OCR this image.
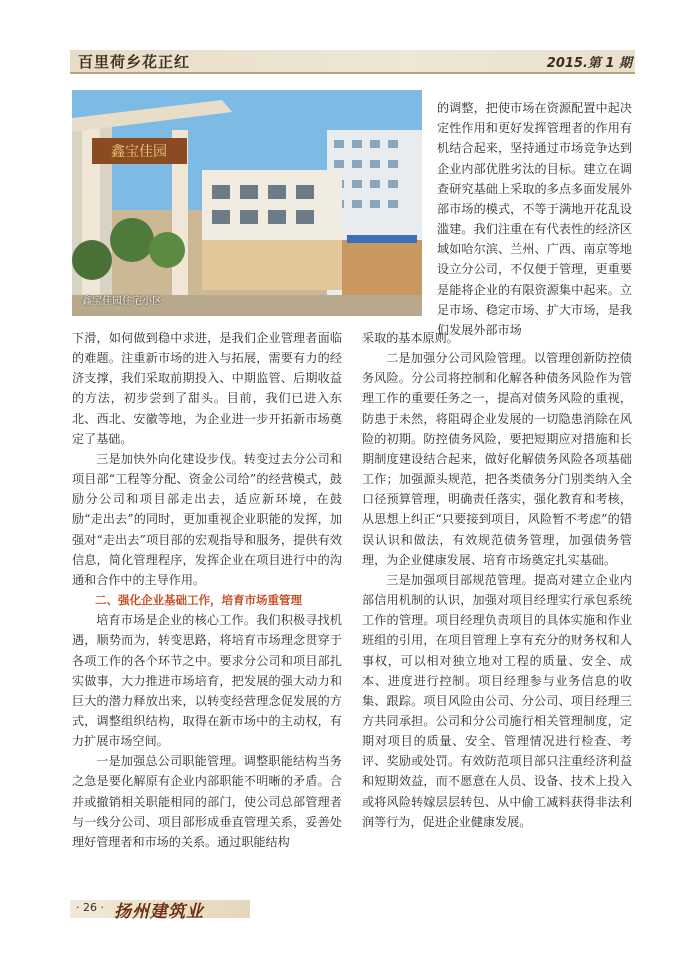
百里荷乡花正红	2015.第 1 期
鑫宝佳园
鑫宝佳园住宅小区

的调整，把使市场在资源配置中起决定性作用和更好发挥管理者的作用有机结合起来，坚持通过市场竞争达到企业内部优胜劣汰的目标。建立在调查研究基础上采取的多点多面发展外部市场的模式，不等于满地开花乱设滥建。我们注重在有代表性的经济区域如哈尔滨、兰州、广西、南京等地设立分公司，不仅便于管理，更重要是能将企业的有限资源集中起来。立足市场、稳定市场、扩大市场，是我们发展外部市场

采取的基本原则。

二是加强分公司风险管理。以管理创新防控债务风险。分公司将控制和化解各种债务风险作为管理工作的重要任务之一，提高对债务风险的重视，防患于未然，将阻碍企业发展的一切隐患消除在风险的初期。防控债务风险，要把短期应对措施和长期制度建设结合起来，做好化解债务风险各项基础工作；加强源头规范，把各类债务分门别类纳入全口径预算管理，明确责任落实，强化教育和考核，从思想上纠正“只要接到项目，风险暂不考虑”的错误认识和做法，有效规范债务管理，加强债务管理，为企业健康发展、培育市场奠定扎实基础。

三是加强项目部规范管理。提高对建立企业内部信用机制的认识，加强对项目经理实行承包系统工作的管理。项目经理负责项目的具体实施和作业班组的引用，在项目管理上享有充分的财务权和人事权，可以相对独立地对工程的质量、安全、成本、进度进行控制。项目经理参与业务信息的收集、跟踪。项目风险由公司、分公司、项目经理三方共同承担。公司和分公司施行相关管理制度，定期对项目的质量、安全、管理情况进行检查、考评、奖励或处罚。有效防范项目部只注重经济利益和短期效益，而不愿意在人员、设备、技术上投入或将风险转嫁层层转包、从中偷工减料获得非法利润等行为，促进企业健康发展。

下滑，如何做到稳中求进，是我们企业管理者面临的难题。注重新市场的进入与拓展，需要有力的经济支撑，我们采取前期投入、中期监管、后期收益的方法，初步尝到了甜头。目前，我们已进入东北、西北、安徽等地，为企业进一步开拓新市场奠定了基础。

三是加快外向化建设步伐。转变过去分公司和项目部“工程等分配、资金公司给”的经营模式，鼓励分公司和项目部走出去，适应新环境，在鼓励“走出去”的同时，更加重视企业职能的发挥，加强对“走出去”项目部的宏观指导和服务，提供有效信息，简化管理程序，发挥企业在项目进行中的沟通和合作中的主导作用。

二、强化企业基础工作，培育市场重管理

培育市场是企业的核心工作。我们积极寻找机遇，顺势而为，转变思路，将培育市场理念贯穿于各项工作的各个环节之中。要求分公司和项目部扎实做事，大力推进市场培育，把发展的强大动力和巨大的潜力释放出来，以转变经营理念促发展的方式，调整组织结构，取得在新市场中的主动权，有力扩展市场空间。

一是加强总公司职能管理。调整职能结构当务之急是要化解原有企业内部职能不明晰的矛盾。合并或撤销相关职能相同的部门，使公司总部管理者与一线分公司、项目部形成垂直管理关系，妥善处理好管理者和市场的关系。通过职能结构

· 26 · 扬州建筑业
